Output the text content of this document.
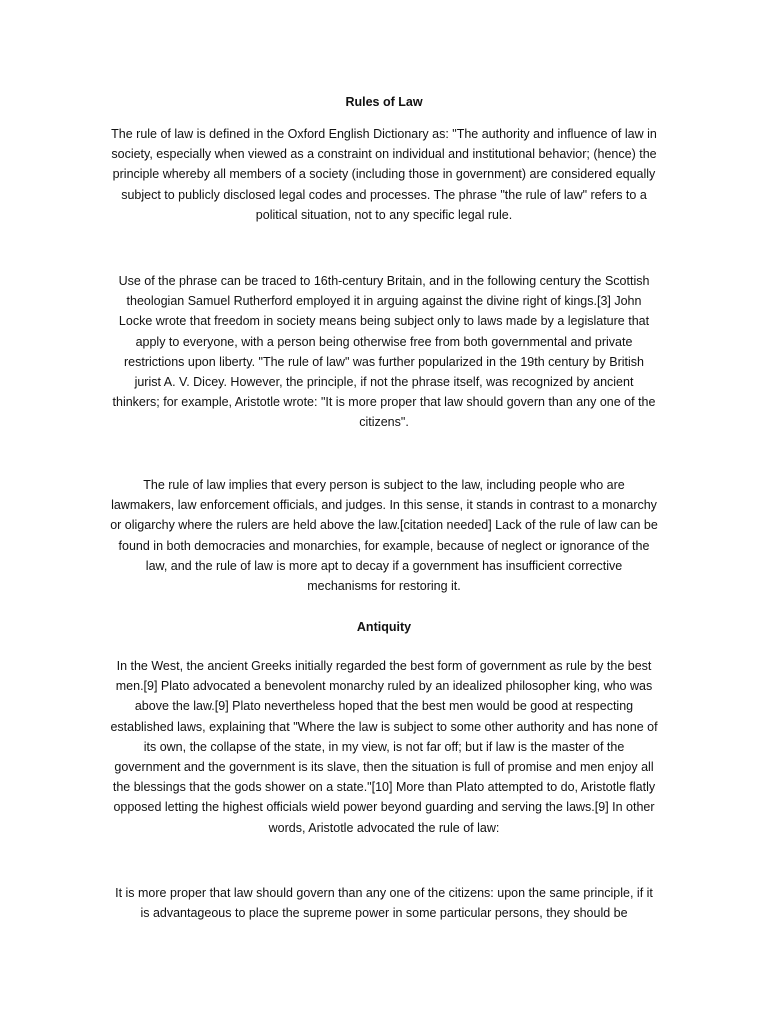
Rules of Law
The rule of law is defined in the Oxford English Dictionary as: "The authority and influence of law in society, especially when viewed as a constraint on individual and institutional behavior; (hence) the principle whereby all members of a society (including those in government) are considered equally subject to publicly disclosed legal codes and processes. The phrase "the rule of law" refers to a political situation, not to any specific legal rule.
Use of the phrase can be traced to 16th-century Britain, and in the following century the Scottish theologian Samuel Rutherford employed it in arguing against the divine right of kings.[3] John Locke wrote that freedom in society means being subject only to laws made by a legislature that apply to everyone, with a person being otherwise free from both governmental and private restrictions upon liberty. "The rule of law" was further popularized in the 19th century by British jurist A. V. Dicey. However, the principle, if not the phrase itself, was recognized by ancient thinkers; for example, Aristotle wrote: "It is more proper that law should govern than any one of the citizens".
The rule of law implies that every person is subject to the law, including people who are lawmakers, law enforcement officials, and judges. In this sense, it stands in contrast to a monarchy or oligarchy where the rulers are held above the law.[citation needed] Lack of the rule of law can be found in both democracies and monarchies, for example, because of neglect or ignorance of the law, and the rule of law is more apt to decay if a government has insufficient corrective mechanisms for restoring it.
Antiquity
In the West, the ancient Greeks initially regarded the best form of government as rule by the best men.[9] Plato advocated a benevolent monarchy ruled by an idealized philosopher king, who was above the law.[9] Plato nevertheless hoped that the best men would be good at respecting established laws, explaining that "Where the law is subject to some other authority and has none of its own, the collapse of the state, in my view, is not far off; but if law is the master of the government and the government is its slave, then the situation is full of promise and men enjoy all the blessings that the gods shower on a state."[10] More than Plato attempted to do, Aristotle flatly opposed letting the highest officials wield power beyond guarding and serving the laws.[9] In other words, Aristotle advocated the rule of law:
It is more proper that law should govern than any one of the citizens: upon the same principle, if it is advantageous to place the supreme power in some particular persons, they should be
